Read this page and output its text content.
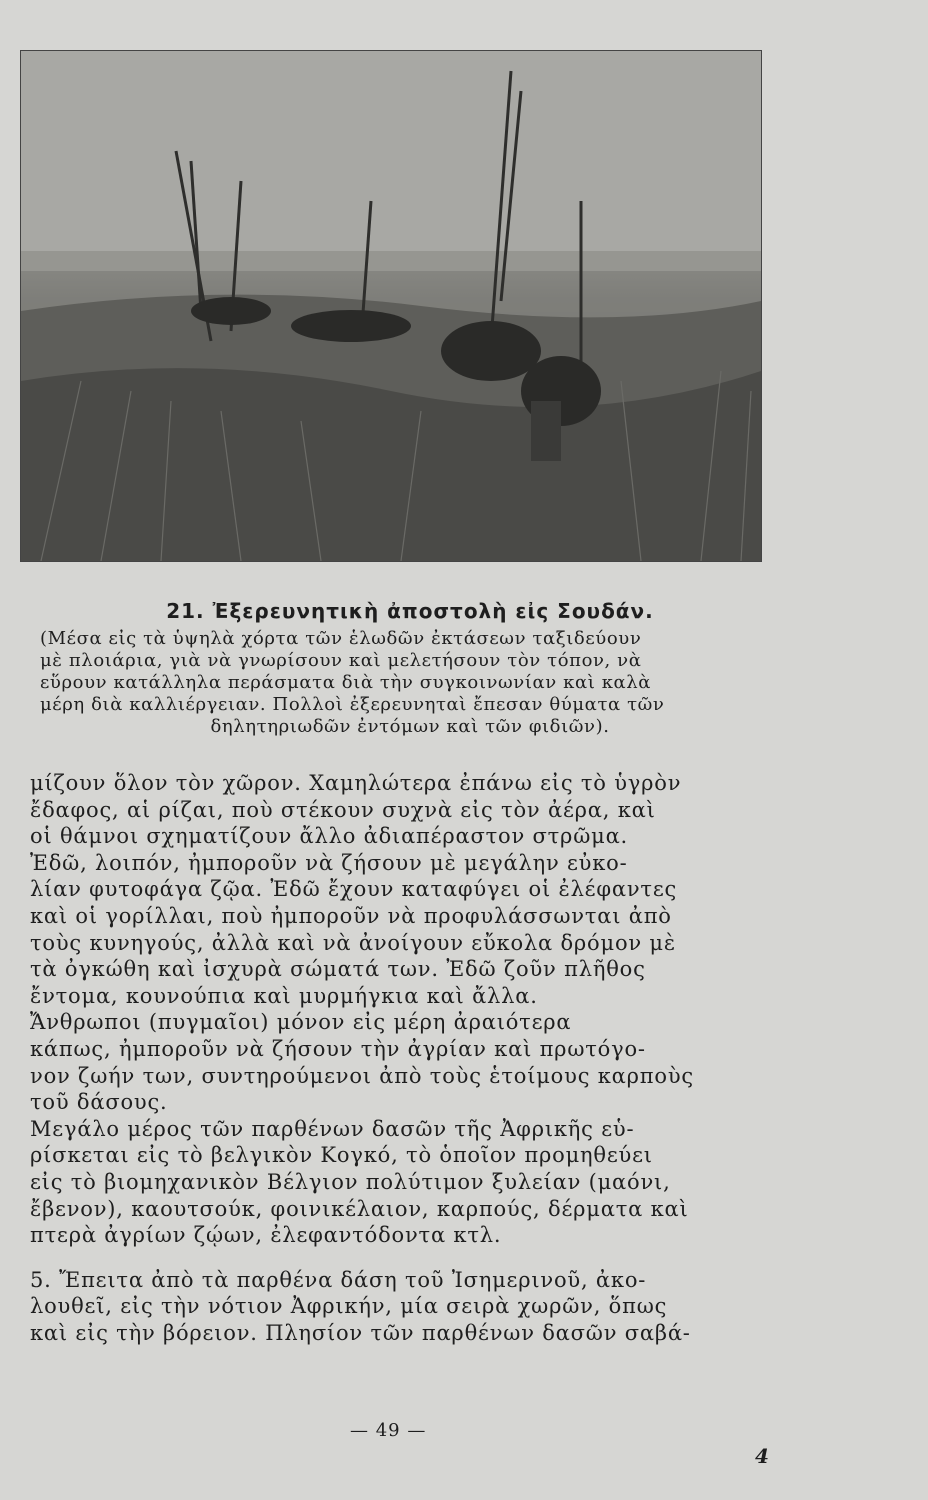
21. Ἐξερευνητικὴ ἀποστολὴ εἰς Σουδάν.
(Μέσα εἰς τὰ ὑψηλὰ χόρτα τῶν ἑλωδῶν ἐκτάσεων ταξιδεύουν
μὲ πλοιάρια, γιὰ νὰ γνωρίσουν καὶ μελετήσουν τὸν τόπον, νὰ
εὕρουν κατάλληλα περάσματα διὰ τὴν συγκοινωνίαν καὶ καλὰ
μέρη διὰ καλλιέργειαν. Πολλοὶ ἐξερευνηταὶ ἔπεσαν θύματα τῶν
δηλητηριωδῶν ἐντόμων καὶ τῶν φιδιῶν).
μίζουν ὅλον τὸν χῶρον. Χαμηλώτερα ἐπάνω εἰς τὸ ὑγρὸν
ἔδαφος, αἱ ρίζαι, ποὺ στέκουν συχνὰ εἰς τὸν ἀέρα, καὶ
οἱ θάμνοι σχηματίζουν ἄλλο ἀδιαπέραστον στρῶμα.
Ἐδῶ, λοιπόν, ἠμποροῦν νὰ ζήσουν μὲ μεγάλην εὐκο-
λίαν φυτοφάγα ζῷα. Ἐδῶ ἔχουν καταφύγει οἱ ἐλέφαντες
καὶ οἱ γορίλλαι, ποὺ ἠμποροῦν νὰ προφυλάσσωνται ἀπὸ
τοὺς κυνηγούς, ἀλλὰ καὶ νὰ ἀνοίγουν εὔκολα δρόμον μὲ
τὰ ὀγκώθη καὶ ἰσχυρὰ σώματά των. Ἐδῶ ζοῦν πλῆθος
ἔντομα, κουνούπια καὶ μυρμήγκια καὶ ἄλλα.
Ἄνθρωποι (πυγμαῖοι) μόνον εἰς μέρη ἀραιότερα
κάπως, ἠμποροῦν νὰ ζήσουν τὴν ἀγρίαν καὶ πρωτόγο-
νον ζωήν των, συντηρούμενοι ἀπὸ τοὺς ἑτοίμους καρποὺς
τοῦ δάσους.
Μεγάλο μέρος τῶν παρθένων δασῶν τῆς Ἀφρικῆς εὑ-
ρίσκεται εἰς τὸ βελγικὸν Κογκό, τὸ ὁποῖον προμηθεύει
εἰς τὸ βιομηχανικὸν Βέλγιον πολύτιμον ξυλείαν (μαόνι,
ἔβενον), καουτσούκ, φοινικέλαιον, καρπούς, δέρματα καὶ
πτερὰ ἀγρίων ζῴων, ἐλεφαντόδοντα κτλ.
5. Ἔπειτα ἀπὸ τὰ παρθένα δάση τοῦ Ἰσημερινοῦ, ἀκο-
λουθεῖ, εἰς τὴν νότιον Ἀφρικήν, μία σειρὰ χωρῶν, ὅπως
καὶ εἰς τὴν βόρειον. Πλησίον τῶν παρθένων δασῶν σαβά-
— 49 —
4
